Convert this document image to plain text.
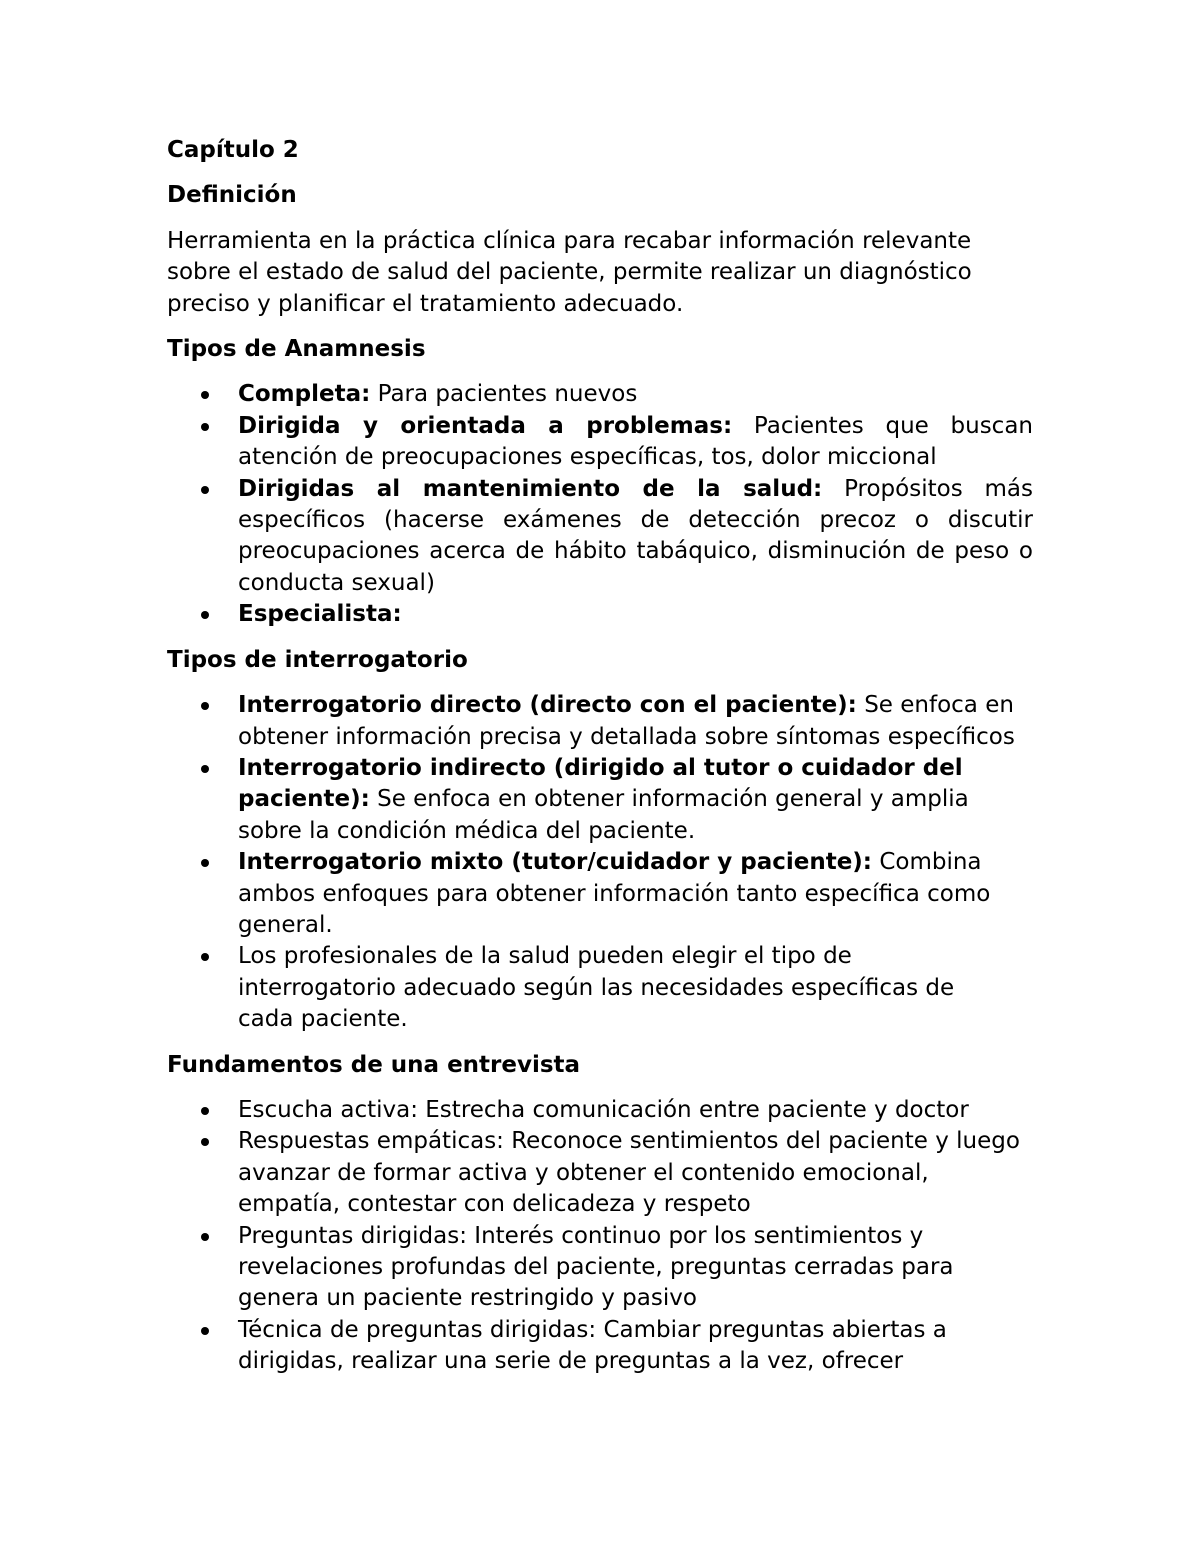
Capítulo 2
Definición
Herramienta en la práctica clínica para recabar información relevante sobre el estado de salud del paciente, permite realizar un diagnóstico preciso y planificar el tratamiento adecuado.
Tipos de Anamnesis
Completa: Para pacientes nuevos
Dirigida y orientada a problemas: Pacientes que buscan atención de preocupaciones específicas, tos, dolor miccional
Dirigidas al mantenimiento de la salud: Propósitos más específicos (hacerse exámenes de detección precoz o discutir preocupaciones acerca de hábito tabáquico, disminución de peso o conducta sexual)
Especialista:
Tipos de interrogatorio
Interrogatorio directo (directo con el paciente): Se enfoca en obtener información precisa y detallada sobre síntomas específicos
Interrogatorio indirecto (dirigido al tutor o cuidador del paciente): Se enfoca en obtener información general y amplia sobre la condición médica del paciente.
Interrogatorio mixto (tutor/cuidador y paciente): Combina ambos enfoques para obtener información tanto específica como general.
Los profesionales de la salud pueden elegir el tipo de interrogatorio adecuado según las necesidades específicas de cada paciente.
Fundamentos de una entrevista
Escucha activa: Estrecha comunicación entre paciente y doctor
Respuestas empáticas: Reconoce sentimientos del paciente y luego avanzar de formar activa y obtener el contenido emocional, empatía, contestar con delicadeza y respeto
Preguntas dirigidas: Interés continuo por los sentimientos y revelaciones profundas del paciente, preguntas cerradas para genera un paciente restringido y pasivo
Técnica de preguntas dirigidas: Cambiar preguntas abiertas a dirigidas, realizar una serie de preguntas a la vez, ofrecer
